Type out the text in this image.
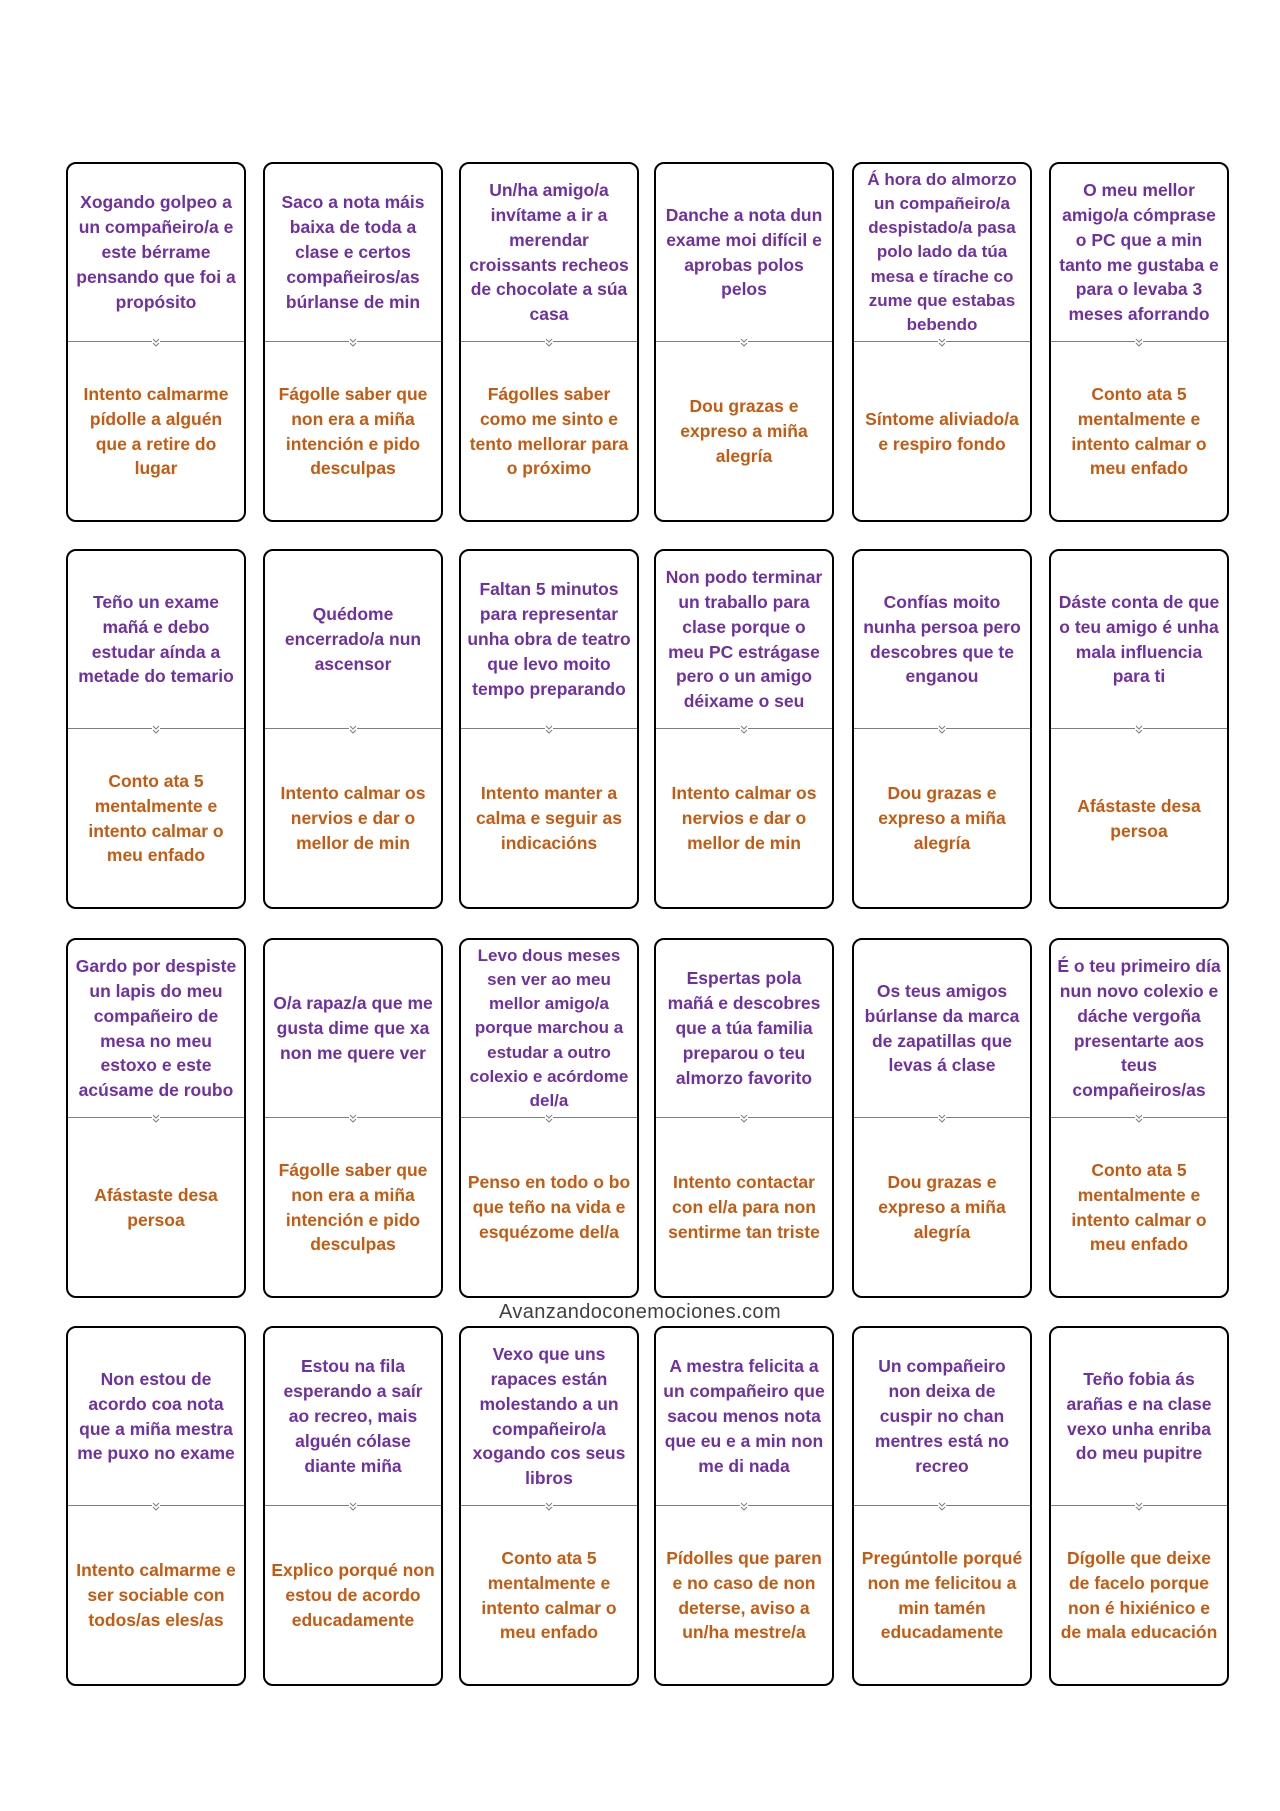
Xogando golpeo a un compañeiro/a e este bérrame pensando que foi a propósito
Intento calmarme pídolle a alguén que a retire do lugar
Saco a nota máis baixa de toda a clase e certos compañeiros/as búrlanse de min
Fágolle saber que non era a miña intención e pido desculpas
Un/ha amigo/a invítame a ir a merendar croissants recheos de chocolate a súa casa
Fágolles saber como me sinto e tento mellorar para o próximo
Danche a nota dun exame moi difícil e aprobas polos pelos
Dou grazas e expreso a miña alegría
Á hora do almorzo un compañeiro/a despistado/a pasa polo lado da túa mesa e tírache co zume que estabas bebendo
Síntome aliviado/a e respiro fondo
O meu mellor amigo/a cómprase o PC que a min tanto me gustaba e para o levaba 3 meses aforrando
Conto ata 5 mentalmente e intento calmar o meu enfado
Teño un exame mañá e debo estudar aínda a metade do temario
Conto ata 5 mentalmente e intento calmar o meu enfado
Quédome encerrado/a nun ascensor
Intento calmar os nervios e dar o mellor de min
Faltan 5 minutos para representar unha obra de teatro que levo moito tempo preparando
Intento manter a calma e seguir as indicacións
Non podo terminar un traballo para clase porque o meu PC estrágase pero o un amigo déixame o seu
Intento calmar os nervios e dar o mellor de min
Confías moito nunha persoa pero descobres que te enganou
Dou grazas e expreso a miña alegría
Dáste conta de que o teu amigo é unha mala influencia para ti
Afástaste desa persoa
Gardo por despiste un lapis do meu compañeiro de mesa no meu estoxo e este acúsame de roubo
Afástaste desa persoa
O/a rapaz/a que me gusta dime que xa non me quere ver
Fágolle saber que non era a miña intención e pido desculpas
Levo dous meses sen ver ao meu mellor amigo/a porque marchou a estudar a outro colexio e acórdome del/a
Penso en todo o bo que teño na vida e esquézome del/a
Espertas pola mañá e descobres que a túa familia preparou o teu almorzo favorito
Intento contactar con el/a para non sentirme tan triste
Os teus amigos búrlanse da marca de zapatillas que levas á clase
Dou grazas e expreso a miña alegría
É o teu primeiro día nun novo colexio e dáche vergoña presentarte aos teus compañeiros/as
Conto ata 5 mentalmente e intento calmar o meu enfado
Avanzandoconemociones.com
Non estou de acordo coa nota que a miña mestra me puxo no exame
Intento calmarme e ser sociable con todos/as eles/as
Estou na fila esperando a saír ao recreo, mais alguén cólase diante miña
Explico porqué non estou de acordo educadamente
Vexo que uns rapaces están molestando a un compañeiro/a xogando cos seus libros
Conto ata 5 mentalmente e intento calmar o meu enfado
A mestra felicita a un compañeiro que sacou menos nota que eu e a min non me di nada
Pídolles que paren e no caso de non deterse, aviso a un/ha mestre/a
Un compañeiro non deixa de cuspir no chan mentres está no recreo
Pregúntolle porqué non me felicitou a min tamén educadamente
Teño fobia ás arañas e na clase vexo unha enriba do meu pupitre
Dígolle que deixe de facelo porque non é hixiénico e de mala educación
